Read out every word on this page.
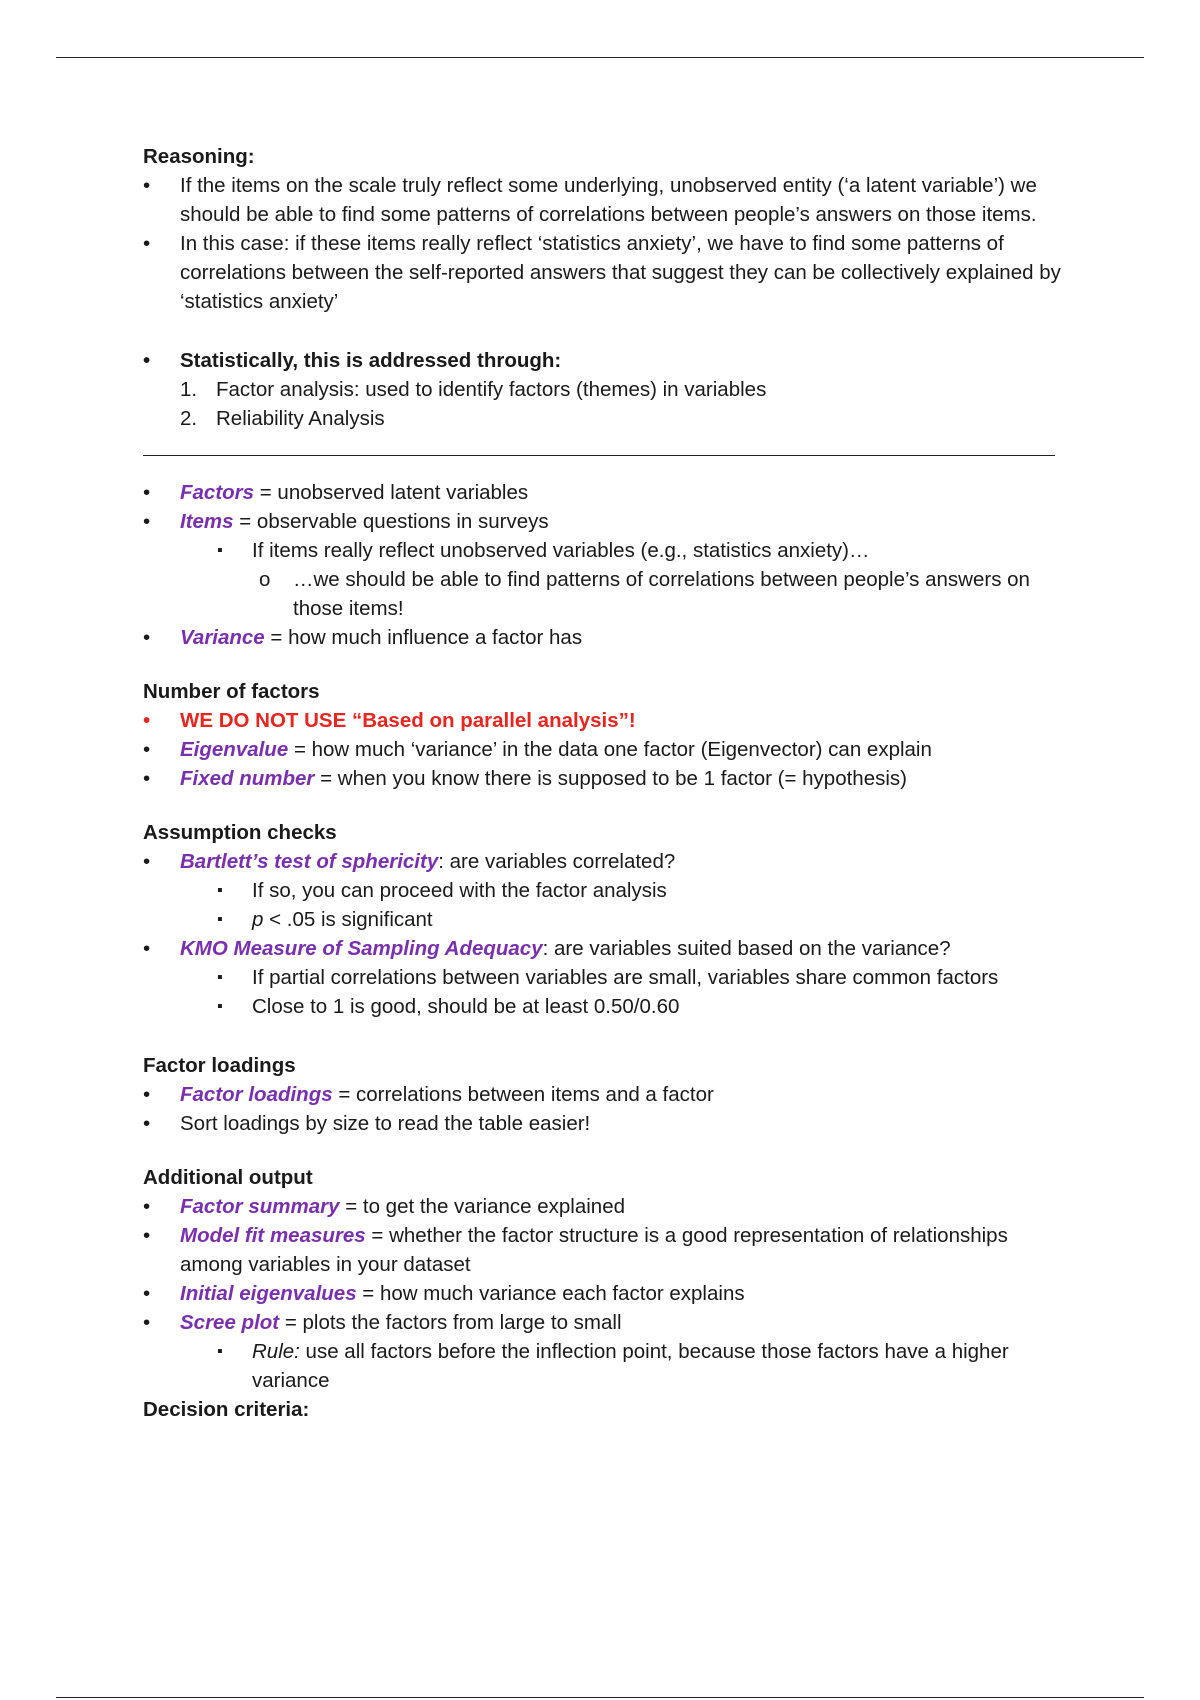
Reasoning:
• If the items on the scale truly reflect some underlying, unobserved entity (‘a latent variable’) we should be able to find some patterns of correlations between people’s answers on those items.
• In this case: if these items really reflect ‘statistics anxiety’, we have to find some patterns of correlations between the self-reported answers that suggest they can be collectively explained by ‘statistics anxiety’
• Statistically, this is addressed through:
1. Factor analysis: used to identify factors (themes) in variables
2. Reliability Analysis
• Factors = unobserved latent variables
• Items = observable questions in surveys
▪ If items really reflect unobserved variables (e.g., statistics anxiety)…
o …we should be able to find patterns of correlations between people’s answers on those items!
• Variance = how much influence a factor has
Number of factors
• WE DO NOT USE “Based on parallel analysis”!
• Eigenvalue = how much ‘variance’ in the data one factor (Eigenvector) can explain
• Fixed number = when you know there is supposed to be 1 factor (= hypothesis)
Assumption checks
• Bartlett’s test of sphericity: are variables correlated?
▪ If so, you can proceed with the factor analysis
▪ p < .05 is significant
• KMO Measure of Sampling Adequacy: are variables suited based on the variance?
▪ If partial correlations between variables are small, variables share common factors
▪ Close to 1 is good, should be at least 0.50/0.60
Factor loadings
• Factor loadings = correlations between items and a factor
• Sort loadings by size to read the table easier!
Additional output
• Factor summary = to get the variance explained
• Model fit measures = whether the factor structure is a good representation of relationships among variables in your dataset
• Initial eigenvalues = how much variance each factor explains
• Scree plot = plots the factors from large to small
▪ Rule: use all factors before the inflection point, because those factors have a higher variance
Decision criteria:
